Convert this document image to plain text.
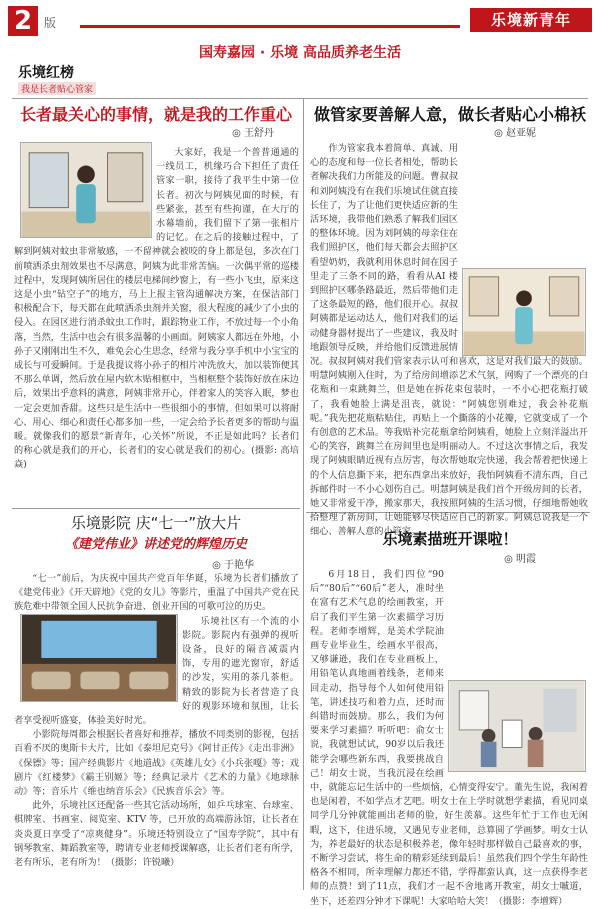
2 版	乐境新青年
国寿嘉园 · 乐境 高品质养老生活
乐境红榜
我是长者贴心管家
长者最关心的事情，就是我的工作重心
◎ 王舒丹
大家好，我是一个普普通通的一线员工，机缘巧合下担任了责任管家一职，接待了我平生中第一位长者。初次与阿姨见面的时候，有些紧张，甚至有些拘谨，在大厅的水幕墙前，我们留下了第一张相片的记忆。在之后的接触过程中，了解到阿姨对蚊虫非常敏感，一不留神就会被咬的身上都是包，多次在门前喷洒杀虫剂效果也不尽满意，阿姨为此非常苦恼。一次偶平常的巡楼过程中，发现阿姨所居住的楼层电梯间纱窗上，有一些小飞虫，原来这这是小虫“钻空子”的地方，马上上报主管沟通解决方案，在保洁部门积极配合下，每天都在此喷洒杀虫剂并关窗，很大程度的减少了小虫的侵入。在园区进行消杀蚊虫工作时，跟踪物业工作，不放过每一个小角落，当然，生活中也会有很多温馨的小画面。阿姨家人都远在外地，小孙子又刚刚出生不久，难免会心生思念，经常与我分享手机中小宝宝的成长与可爱瞬间。于是我提议将小孙子的相片冲洗放大，加以装饰便其不那么单调，然后放在屋内软木贴相框中，当相框整个装饰好放在床边后，效果出乎意料的满意，阿姨非常开心，伴着家人的笑容入眠，梦也一定会更加香甜。这些只是生活中一些很细小的事情，但如果可以将耐心、用心、细心和责任心都多加一些，一定会给予长者更多的帮助与温暖。就像我们的愿景“新青年，心关怀”所说，不正是如此吗？长者们的称心就是我们的开心，长者们的安心就是我们的初心。(摄影: 高培焱)
做管家要善解人意，做长者贴心小棉袄
◎ 赵亚妮
作为管家我本着简单、真诚、用心的态度和每一位长者相处，帮助长者解决我们力所能及的问题。曹叔叔和刘阿姨没有在我们乐境试住就直接长住了，为了让他们更快适应新的生活环境，我带他们熟悉了解我们园区的整体环境。因为刘阿姨的母亲住在我们照护区，他们每天都会去照护区看望奶奶，我就利用休息时间在园子里走了三条不同的路，看看从AI 楼到照护区哪条路最近，然后带他们走了这条最短的路，他们很开心。叔叔阿姨都是运动达人，他们对我们的运动健身器材提出了一些建议，我及时地跟领导反映，并给他们反馈进展情况。叔叔阿姨对我们管家表示认可和喜欢，这是对我们最大的鼓励。明慧阿姨刚入住时，为了给房间增添艺术气氛，网购了一个漂亮的白花瓶和一束跳舞兰，但是她在拆花束包装时，一不小心把花瓶打破了，我看她脸上满是沮丧，就说：“阿姨您别难过，我会补花瓶呢。”我先把花瓶粘贴住，再贴上一个撕落的小花瓣，它就变成了一个有创意的艺术品。等我贴补完花瓶拿给阿姨看，她脸上立刻洋溢出开心的笑容，跳舞兰在房间里也是明丽动人。不过这次事情之后，我发现了阿姨眼睛近视有点厉害，每次帮她取完快递，我会帮着把快递上的个人信息撕下来，把东西拿出来放好，我怕阿姨看不清东西，自己拆邮件时一不小心划伤自己。明慧阿姨是我们首个开级房间的长者，她又非常爱干净，搬家那天，我按照阿姨的生活习惯，仔细地帮她收拾整理了新房间，让她能够尽快适应自己的新家。阿姨总说我是一个细心、善解人意的小管家。
乐境影院 庆“七一”放大片
《建党伟业》讲述党的辉煌历史
◎ 于艳华

“七一”前后，为庆祝中国共产党百年华诞，乐境为长者们播放了《建党伟业》《开天辟地》《党的女儿》等影片，重温了中国共产党在民族危难中带领全国人民抗争奋进、创业开国的可歌可泣的历史。

乐境社区有一个流的小影院。影院内有强弹的视听设备，良好的隔音减震内饰，专用的遮光窗帘，舒适的沙发，实用的茶几茶柜。精致的影院为长者营造了良好的观影环境和氛围，让长者享受视听盛宴，体验美好时光。

小影院每周都会根据长者喜好和推荐，播放不同类别的影视，包括百看不厌的奥斯卡大片，比如《泰坦尼克号》《阿甘正传》《走出非洲》《保镖》等；国产经典影片《地道战》《英雄儿女》《小兵张嘎》等；戏剧片《红楼梦》《霸王别姬》等；经典记录片《艺术的力量》《地球脉动》等；音乐片《维也纳音乐会》《民族音乐会》等。

此外，乐境社区还配备一些其它活动场所，如乒乓球室、台球室、棋牌室、书画室、阅览室、KTV 等，已开放的高端游泳馆，让长者在炎炎夏日享受了“凉爽健身”。乐境还特别设立了“国寿学院”，其中有钢琴教室、舞蹈教室等，聘请专业老师授课解惑，让长者们老有所学，老有所乐，老有所为！（摄影：许锐曦）

乐境素描班开课啦！
◎ 明霞
6月18日，我们四位“90后”“80后”“60后”老人，准时坐在富有艺术气息的绘画教室，开启了我们平生第一次素描学习历程。老师李增辉，是美术学院油画专业毕业生，绘画水平很高，又够谦逊，我们在专业画板上，用铅笔认真地画着线条，老师来回走动，指导每个人如何使用铅笔，讲述技巧和着力点，还时而纠错时而鼓励。那么，我们为何要来学习素描？听听吧：俞女士说，我就想试试，90岁以后我还能学会哪些新东西，我要挑战自己！胡女士说，当我沉浸在绘画中，就能忘记生活中的一些烦恼，心情变得安宁。董先生说，我闲着也是闲着，不如学点才艺吧。明女士在上学时就想学素描，看见同桌同学几分钟就能画出老师的脸，好生羡慕。这些年忙于工作也无闲暇，这下，住进乐境，又遇见专业老师，总算圆了学画梦。明女士认为，养老最好的状态是积极养老，像年轻时那样做自己最喜欢的事，不断学习尝试，将生命的精彩延续到最后！虽然我们四个学生年龄性格各不相同，所幸理解力都还不错，学得都蛮认真，这一点获得李老师的点赞！到了11点，我们才一起不舍地离开教室，胡女士嘁道，坐下，还差四分钟才下课呢！大家哈哈大笑！（摄影：李增辉）
